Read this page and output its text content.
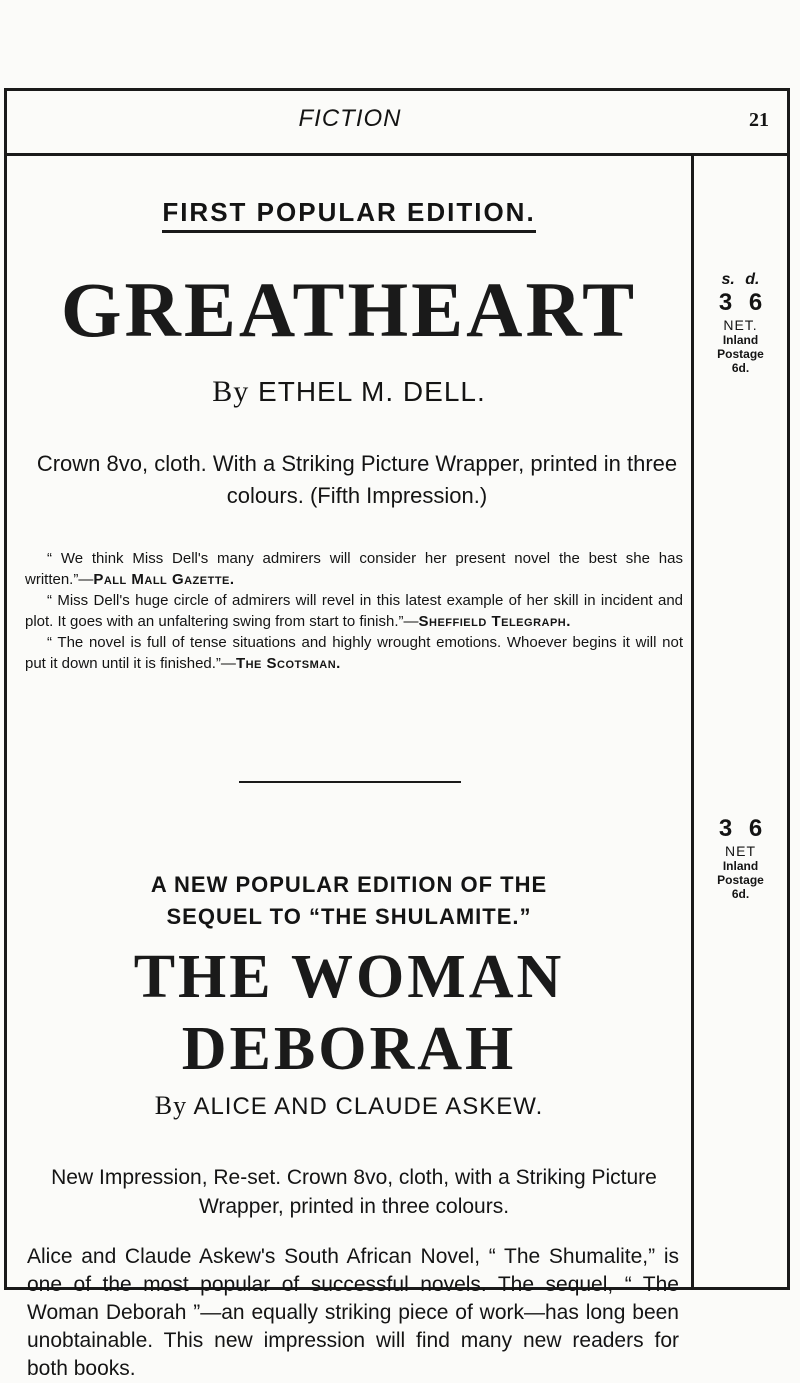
FICTION	21
FIRST POPULAR EDITION.
GREATHEART
By ETHEL M. DELL.
Crown 8vo, cloth. With a Striking Picture Wrapper, printed in three colours. (Fifth Impression.)

“ We think Miss Dell's many admirers will consider her present novel the best she has written.”—Pall Mall Gazette.

“ Miss Dell's huge circle of admirers will revel in this latest example of her skill in incident and plot. It goes with an unfaltering swing from start to finish.”—Sheffield Telegraph.

“ The novel is full of tense situations and highly wrought emotions. Whoever begins it will not put it down until it is finished.”—The Scotsman.

A NEW POPULAR EDITION OF THE
SEQUEL TO “THE SHULAMITE.”
THE WOMAN
DEBORAH
By ALICE AND CLAUDE ASKEW.
New Impression, Re-set. Crown 8vo, cloth, with a Striking Picture Wrapper, printed in three colours.
Alice and Claude Askew's South African Novel, “ The Shumalite,” is one of the most popular of successful novels. The sequel, “ The Woman Deborah ”—an equally striking piece of work—has long been unobtainable. This new impression will find many new readers for both books.
s. d.
3 6
NET.
Inland
Postage
6d.
3 6
NET
Inland
Postage
6d.
